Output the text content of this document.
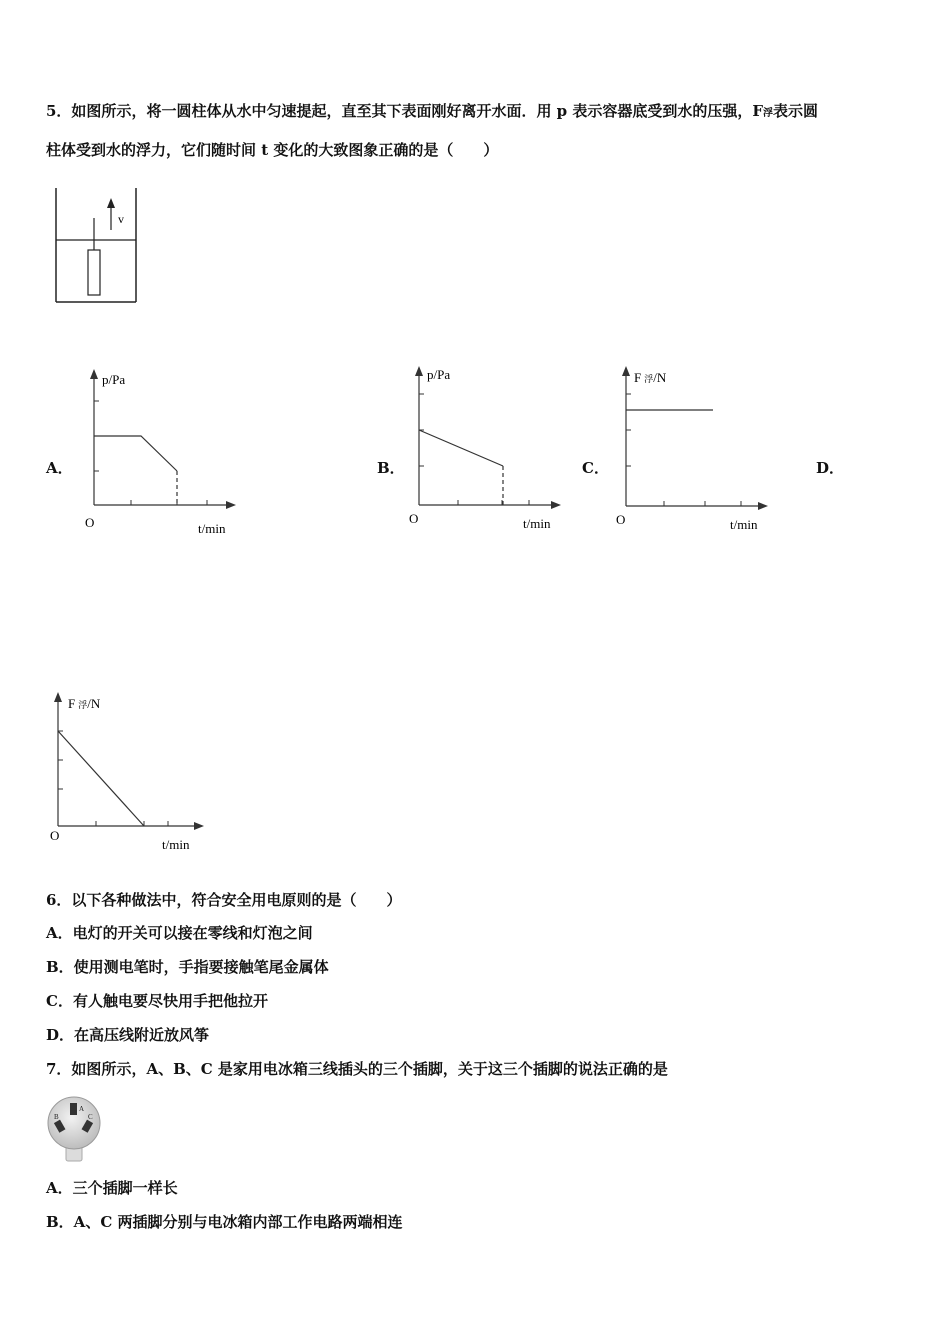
5．如图所示，将一圆柱体从水中匀速提起，直至其下表面刚好离开水面．用 p 表示容器底受到水的压强，F浮表示圆
柱体受到水的浮力，它们随时间 t 变化的大致图象正确的是（　　）
v
A．
p/Pa
O	t/min
B．
p/Pa
O	t/min
C．
F 浮/N
O	t/min
D．
F 浮/N
O
t/min
6．以下各种做法中，符合安全用电原则的是（　　）
A．电灯的开关可以接在零线和灯泡之间
B．使用测电笔时，手指要接触笔尾金属体
C．有人触电要尽快用手把他拉开
D．在高压线附近放风筝
7．如图所示，A、B、C 是家用电冰箱三线插头的三个插脚，关于这三个插脚的说法正确的是
A
B	C
A．三个插脚一样长
B．A、C 两插脚分别与电冰箱内部工作电路两端相连
